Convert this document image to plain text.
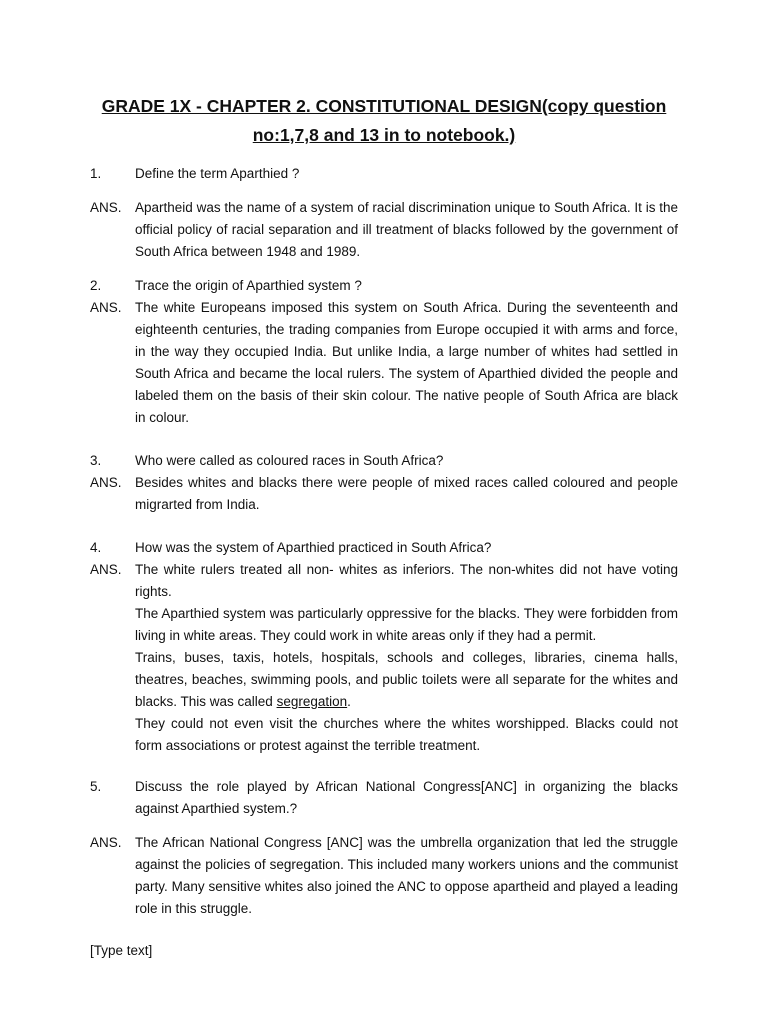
GRADE 1X - CHAPTER 2. CONSTITUTIONAL DESIGN(copy question
no:1,7,8 and 13 in to notebook.)
1. Define the term Aparthied ?
ANS. Apartheid was the name of a system of racial discrimination unique to South Africa. It is the official policy of racial separation and ill treatment of blacks followed by the government of South Africa between 1948 and 1989.
2. Trace the origin of Aparthied system ?
ANS. The white Europeans imposed this system on South Africa. During the seventeenth and eighteenth centuries, the trading companies from Europe occupied it with arms and force, in the way they occupied India. But unlike India, a large number of whites had settled in South Africa and became the local rulers. The system of Aparthied divided the people and labeled them on the basis of their skin colour. The native people of South Africa are black in colour.
3. Who were called as coloured races in South Africa?
ANS. Besides whites and blacks there were people of mixed races called coloured and people migrarted from India.
4. How was the system of Aparthied practiced in South Africa?
ANS. The white rulers treated all non- whites as inferiors. The non-whites did not have voting rights.

The Aparthied system was particularly oppressive for the blacks. They were forbidden from living in white areas. They could work in white areas only if they had a permit.

Trains, buses, taxis, hotels, hospitals, schools and colleges, libraries, cinema halls, theatres, beaches, swimming pools, and public toilets were all separate for the whites and blacks. This was called segregation.

They could not even visit the churches where the whites worshipped. Blacks could not form associations or protest against the terrible treatment.

5. Discuss the role played by African National Congress[ANC] in organizing the blacks against Aparthied system.?
ANS. The African National Congress [ANC] was the umbrella organization that led the struggle against the policies of segregation. This included many workers unions and the communist party. Many sensitive whites also joined the ANC to oppose apartheid and played a leading role in this struggle.
[Type text]
